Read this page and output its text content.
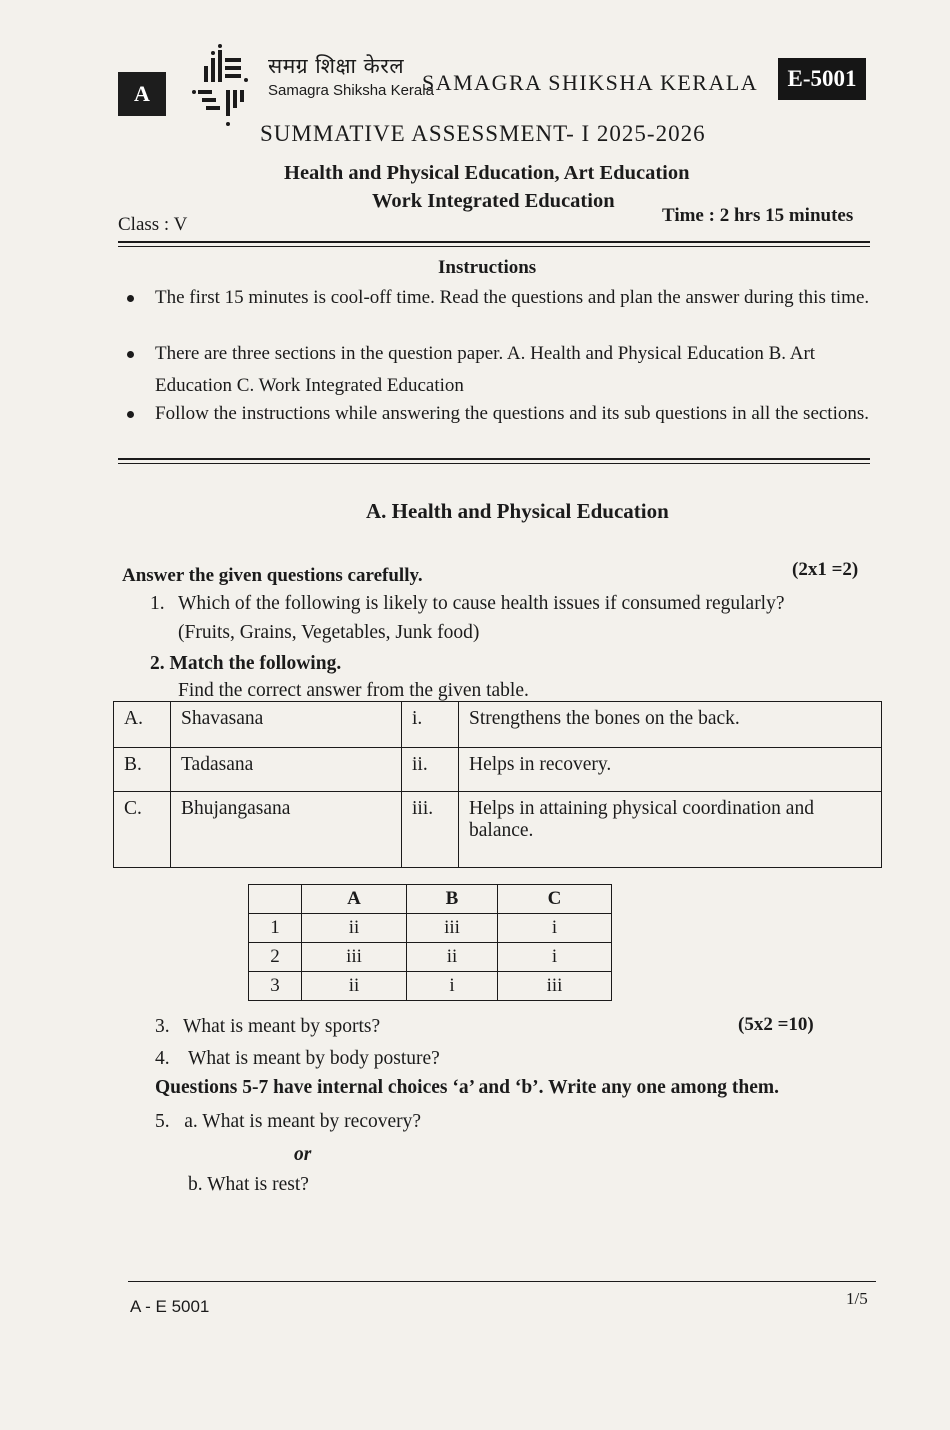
A
समग्र शिक्षा केरल
Samagra Shiksha Kerala
SAMAGRA SHIKSHA KERALA	E-5001
SUMMATIVE ASSESSMENT- I 2025-2026
Health and Physical Education, Art Education
Work Integrated Education
Class : V	Time : 2 hrs 15 minutes
Instructions
The first 15 minutes is cool-off time. Read the questions and plan the answer during this time.
There are three sections in the question paper. A. Health and Physical Education B. Art Education C. Work Integrated Education
Follow the instructions while answering the questions and its sub questions in all the sections.
A. Health and Physical Education
Answer the given questions carefully.	(2x1 =2)
1. Which of the following is likely to cause health issues if consumed regularly?
(Fruits, Grains, Vegetables, Junk food)
2. Match the following.
Find the correct answer from the given table.
A.	Shavasana	i.	Strengthens the bones on the back.
B.	Tadasana	ii.	Helps in recovery.
C.	Bhujangasana	iii.	Helps in attaining physical coordination and balance.
	A	B	C
1	ii	iii	i
2	iii	ii	i
3	ii	i	iii
3. What is meant by sports?	(5x2 =10)
4. What is meant by body posture?
Questions 5-7 have internal choices ‘a’ and ‘b’. Write any one among them.
5.   a. What is meant by recovery?
or
b. What is rest?
A - E 5001	1/5
